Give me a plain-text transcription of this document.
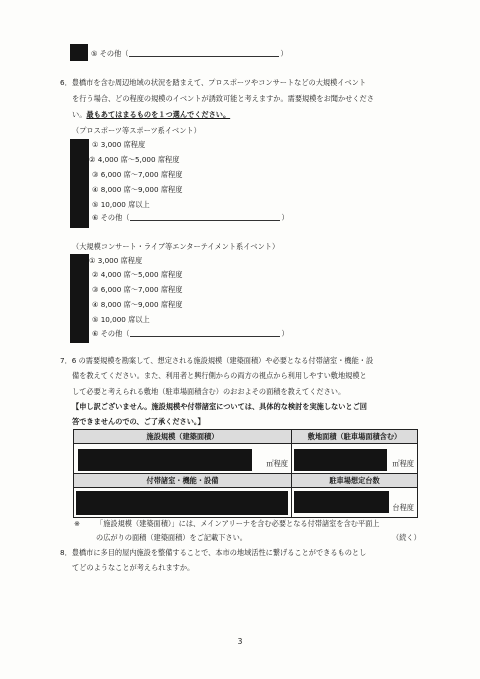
⑤ その他（	）
6．豊橋市を含む周辺地域の状況を踏まえて、プロスポーツやコンサートなどの大規模イベント
を行う場合、どの程度の規模のイベントが誘致可能と考えますか。需要規模をお聞かせくださ
い。最もあてはまるものを１つ選んでください。
（プロスポーツ等スポーツ系イベント）
① 3,000 席程度
② 4,000 席～5,000 席程度
③ 6,000 席～7,000 席程度
④ 8,000 席～9,000 席程度
⑤ 10,000 席以上
⑥ その他（	）
（大規模コンサート・ライブ等エンターテイメント系イベント）
① 3,000 席程度
② 4,000 席～5,000 席程度
③ 6,000 席～7,000 席程度
④ 8,000 席～9,000 席程度
⑤ 10,000 席以上
⑥ その他（	）
7．6 の需要規模を勘案して、想定される施設規模（建築面積）や必要となる付帯諸室・機能・設
備を教えてください。また、利用者と興行側からの両方の視点から利用しやすい敷地規模と
して必要と考えられる敷地（駐車場面積含む）のおおよその面積を教えてください。
【申し訳ございません。施設規模や付帯諸室については、具体的な検討を実施しないとご回
答できませんのでの、ご了承ください。】
施設規模（建築面積）	敷地面積（駐車場面積含む）

㎡程度	㎡程度

付帯諸室・機能・設備	駐車場想定台数

	台程度
※ 「施設規模（建築面積）」には、メインアリーナを含む必要となる付帯諸室を含む平面上
の広がりの面積（建築面積）をご記載下さい。	（続く）
8．豊橋市に多目的屋内施設を整備することで、本市の地域活性に繋げることができるものとし
てどのようなことが考えられますか。
3
